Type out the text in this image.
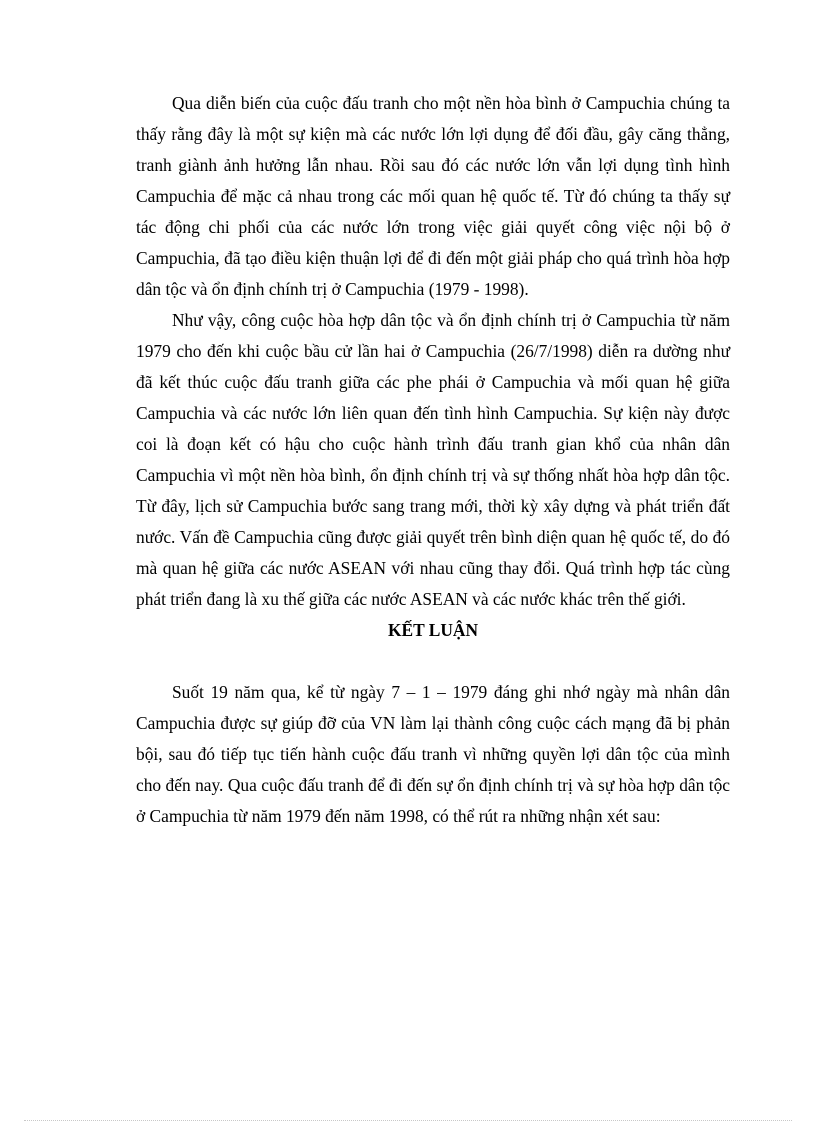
Qua diễn biến của cuộc đấu tranh cho một nền hòa bình ở Campuchia chúng ta thấy rằng đây là một sự kiện mà các nước lớn lợi dụng để đối đầu, gây căng thẳng, tranh giành ảnh hưởng lẫn nhau. Rồi sau đó các nước lớn vẫn lợi dụng tình hình Campuchia để mặc cả nhau trong các mối quan hệ quốc tế. Từ đó chúng ta thấy sự tác động chi phối của các nước lớn trong việc giải quyết công việc nội bộ ở Campuchia, đã tạo điều kiện thuận lợi để đi đến một giải pháp cho quá trình hòa hợp dân tộc và ổn định chính trị ở Campuchia (1979 - 1998).

Như vậy, công cuộc hòa hợp dân tộc và ổn định chính trị ở Campuchia từ năm 1979 cho đến khi cuộc bầu cử lần hai ở Campuchia (26/7/1998) diễn ra dường như đã kết thúc cuộc đấu tranh giữa các phe phái ở Campuchia và mối quan hệ giữa Campuchia và các nước lớn liên quan đến tình hình Campuchia. Sự kiện này được coi là đoạn kết có hậu cho cuộc hành trình đấu tranh gian khổ của nhân dân Campuchia vì một nền hòa bình, ổn định chính trị và sự thống nhất hòa hợp dân tộc. Từ đây, lịch sử Campuchia bước sang trang mới, thời kỳ xây dựng và phát triển đất nước. Vấn đề Campuchia cũng được giải quyết trên bình diện quan hệ quốc tế, do đó mà quan hệ giữa các nước ASEAN với nhau cũng thay đổi. Quá trình hợp tác cùng phát triển đang là xu thế giữa các nước ASEAN và các nước khác trên thế giới.

KẾT LUẬN

Suốt 19 năm qua, kể từ ngày 7 – 1 – 1979 đáng ghi nhớ ngày mà nhân dân Campuchia được sự giúp đỡ của VN làm lại thành công cuộc cách mạng đã bị phản bội, sau đó tiếp tục tiến hành cuộc đấu tranh vì những quyền lợi dân tộc của mình cho đến nay. Qua cuộc đấu tranh để đi đến sự ổn định chính trị và sự hòa hợp dân tộc ở Campuchia từ năm 1979 đến năm 1998, có thể rút ra những nhận xét sau:
